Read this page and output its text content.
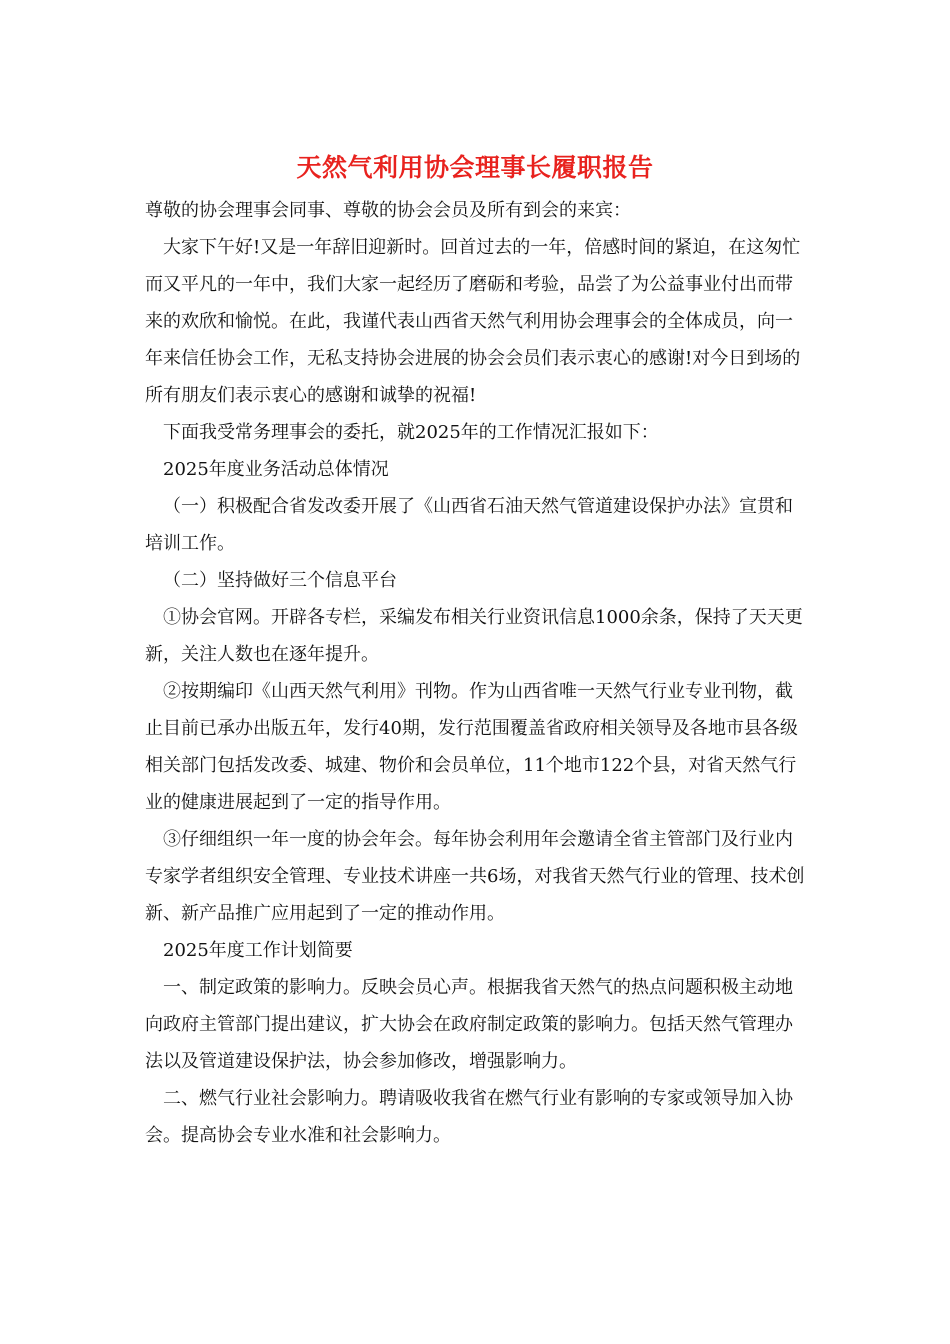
天然气利用协会理事长履职报告

尊敬的协会理事会同事、尊敬的协会会员及所有到会的来宾：

大家下午好!又是一年辞旧迎新时。回首过去的一年，倍感时间的紧迫，在这匆忙而又平凡的一年中，我们大家一起经历了磨砺和考验，品尝了为公益事业付出而带来的欢欣和愉悦。在此，我谨代表山西省天然气利用协会理事会的全体成员，向一年来信任协会工作，无私支持协会进展的协会会员们表示衷心的感谢!对今日到场的所有朋友们表示衷心的感谢和诚挚的祝福!

下面我受常务理事会的委托，就2025年的工作情况汇报如下：

2025年度业务活动总体情况

（一）积极配合省发改委开展了《山西省石油天然气管道建设保护办法》宣贯和培训工作。

（二）坚持做好三个信息平台

①协会官网。开辟各专栏，采编发布相关行业资讯信息1000余条，保持了天天更新，关注人数也在逐年提升。

②按期编印《山西天然气利用》刊物。作为山西省唯一天然气行业专业刊物，截止目前已承办出版五年，发行40期，发行范围覆盖省政府相关领导及各地市县各级相关部门包括发改委、城建、物价和会员单位，11个地市122个县，对省天然气行业的健康进展起到了一定的指导作用。

③仔细组织一年一度的协会年会。每年协会利用年会邀请全省主管部门及行业内专家学者组织安全管理、专业技术讲座一共6场，对我省天然气行业的管理、技术创新、新产品推广应用起到了一定的推动作用。

2025年度工作计划简要

一、制定政策的影响力。反映会员心声。根据我省天然气的热点问题积极主动地向政府主管部门提出建议，扩大协会在政府制定政策的影响力。包括天然气管理办法以及管道建设保护法，协会参加修改，增强影响力。

二、燃气行业社会影响力。聘请吸收我省在燃气行业有影响的专家或领导加入协会。提高协会专业水准和社会影响力。
